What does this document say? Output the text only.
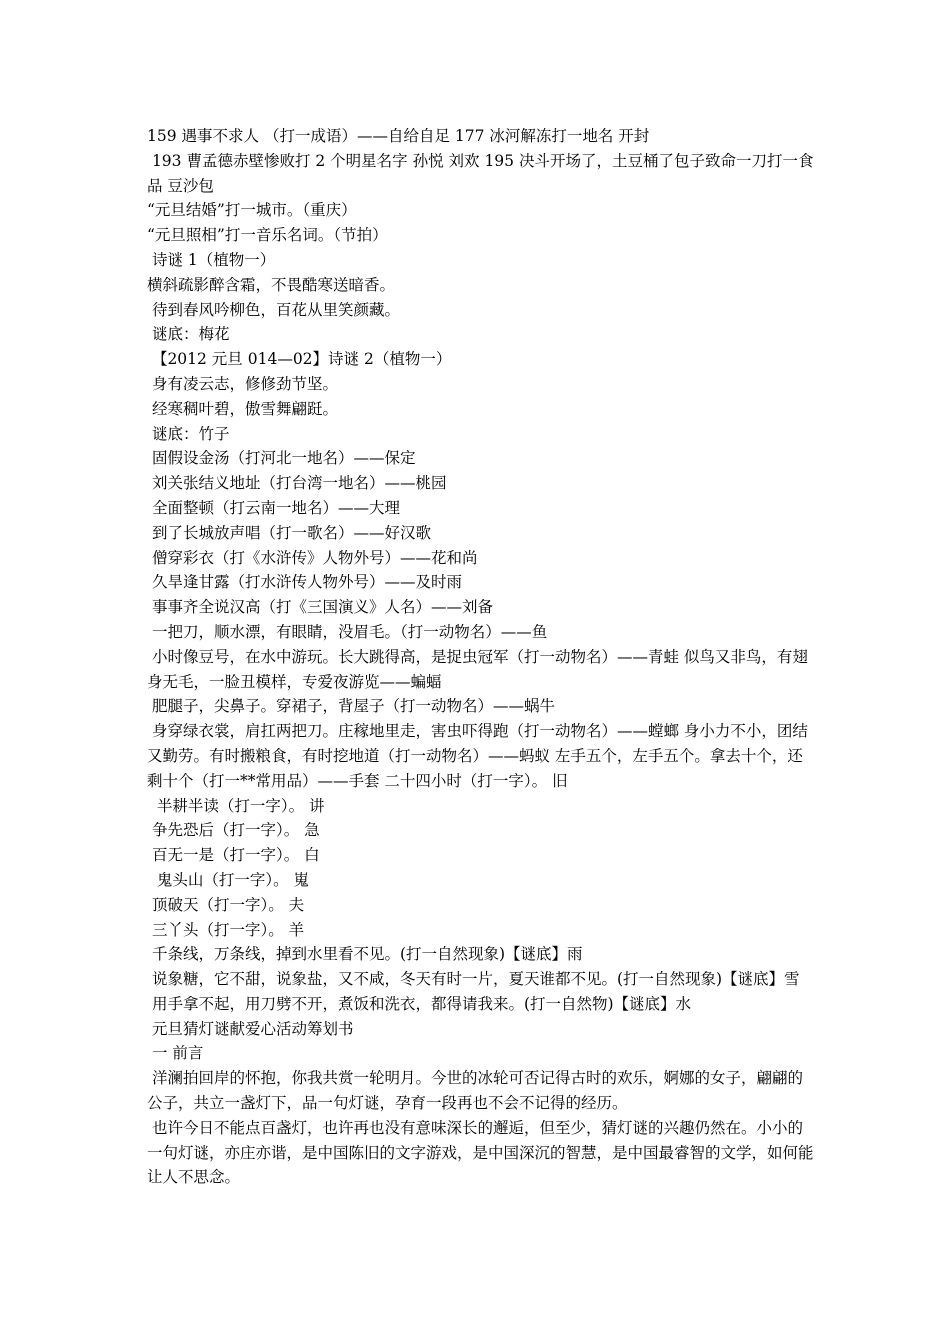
159 遇事不求人 （打一成语）——自给自足 177 冰河解冻打一地名 开封

193 曹孟德赤壁惨败打 2 个明星名字 孙悦 刘欢 195 决斗开场了，土豆桶了包子致命一刀打一食品 豆沙包

“元旦结婚”打一城市。（重庆）

“元旦照相”打一音乐名词。（节拍）

诗谜 1（植物一）

横斜疏影醉含霜，不畏酷寒送暗香。

待到春风吟柳色，百花从里笑颜藏。

谜底：梅花

【2012 元旦 014—02】诗谜 2（植物一）

身有凌云志，修修劲节坚。

经寒稠叶碧，傲雪舞翩跹。

谜底：竹子

固假设金汤（打河北一地名）——保定

刘关张结义地址（打台湾一地名）——桃园

全面整顿（打云南一地名）——大理

到了长城放声唱（打一歌名）——好汉歌

僧穿彩衣（打《水浒传》人物外号）——花和尚

久旱逢甘露（打水浒传人物外号）——及时雨

事事齐全说汉高（打《三国演义》人名）——刘备

一把刀，顺水漂，有眼睛，没眉毛。（打一动物名）——鱼

小时像豆号，在水中游玩。长大跳得高，是捉虫冠军（打一动物名）——青蛙 似鸟又非鸟，有翅身无毛，一脸丑模样，专爱夜游览——蝙蝠

肥腿子，尖鼻子。穿裙子，背屋子（打一动物名）——蜗牛

身穿绿衣裳，肩扛两把刀。庄稼地里走，害虫吓得跑（打一动物名）——螳螂 身小力不小，团结又勤劳。有时搬粮食，有时挖地道（打一动物名）——蚂蚁 左手五个，左手五个。拿去十个，还剩十个（打一**常用品）——手套 二十四小时（打一字）。 旧

半耕半读（打一字）。 讲

争先恐后（打一字）。 急

百无一是（打一字）。 白

鬼头山（打一字）。 嵬

顶破天（打一字）。 夫

三丫头（打一字）。 羊

千条线，万条线，掉到水里看不见。(打一自然现象)【谜底】雨

说象糖，它不甜，说象盐，又不咸，冬天有时一片，夏天谁都不见。(打一自然现象)【谜底】雪

用手拿不起，用刀劈不开，煮饭和洗衣，都得请我来。(打一自然物)【谜底】水

元旦猜灯谜献爱心活动筹划书

一 前言

洋澜拍回岸的怀抱，你我共赏一轮明月。今世的冰轮可否记得古时的欢乐，婀娜的女子，翩翩的公子，共立一盏灯下，品一句灯谜，孕育一段再也不会不记得的经历。

也许今日不能点百盏灯，也许再也没有意味深长的邂逅，但至少，猜灯谜的兴趣仍然在。小小的一句灯谜，亦庄亦谐，是中国陈旧的文字游戏，是中国深沉的智慧，是中国最睿智的文学，如何能让人不思念。
